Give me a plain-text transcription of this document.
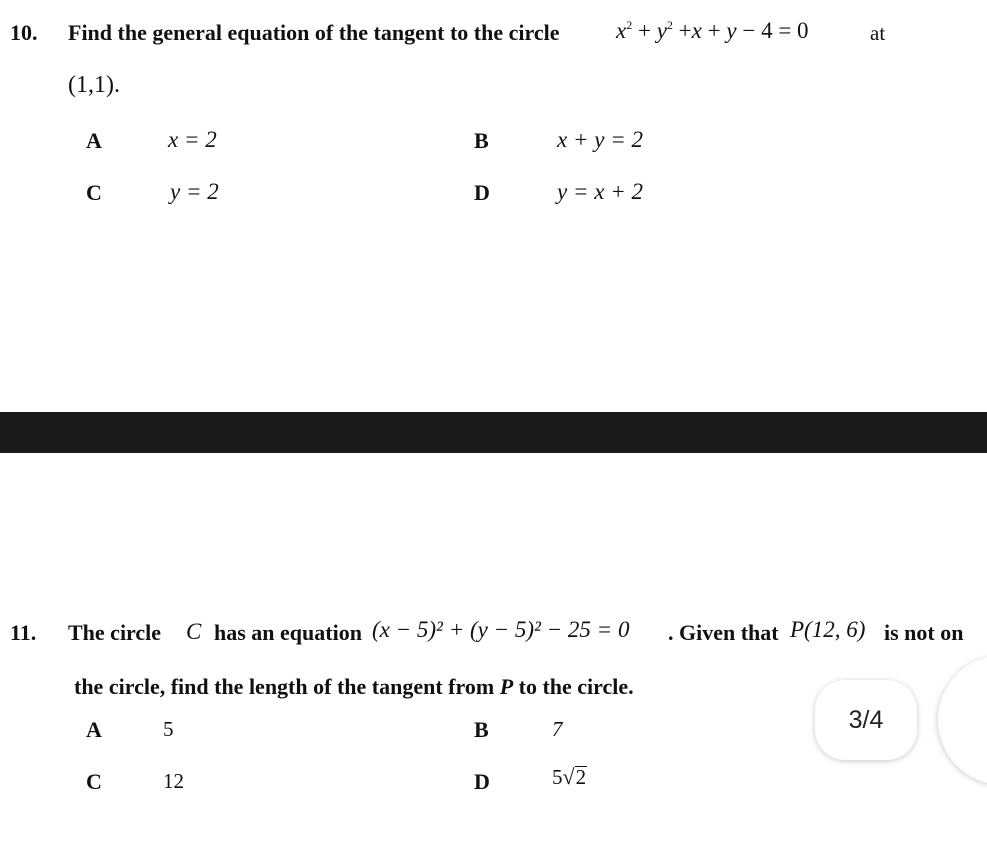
10. Find the general equation of the tangent to the circle $x^2 + y^2 +x + y - 4 = 0$	at
(1,1).
A	x = 2	B	x + y = 2
C	y = 2	D	y = x + 2
11. The circle C has an equation (x − 5)² + (y − 5)² − 25 = 0 . Given that P(12, 6) is not on
the circle, find the length of the tangent from P to the circle.
A	5	B	7
C	12	D	5√2
3/4
